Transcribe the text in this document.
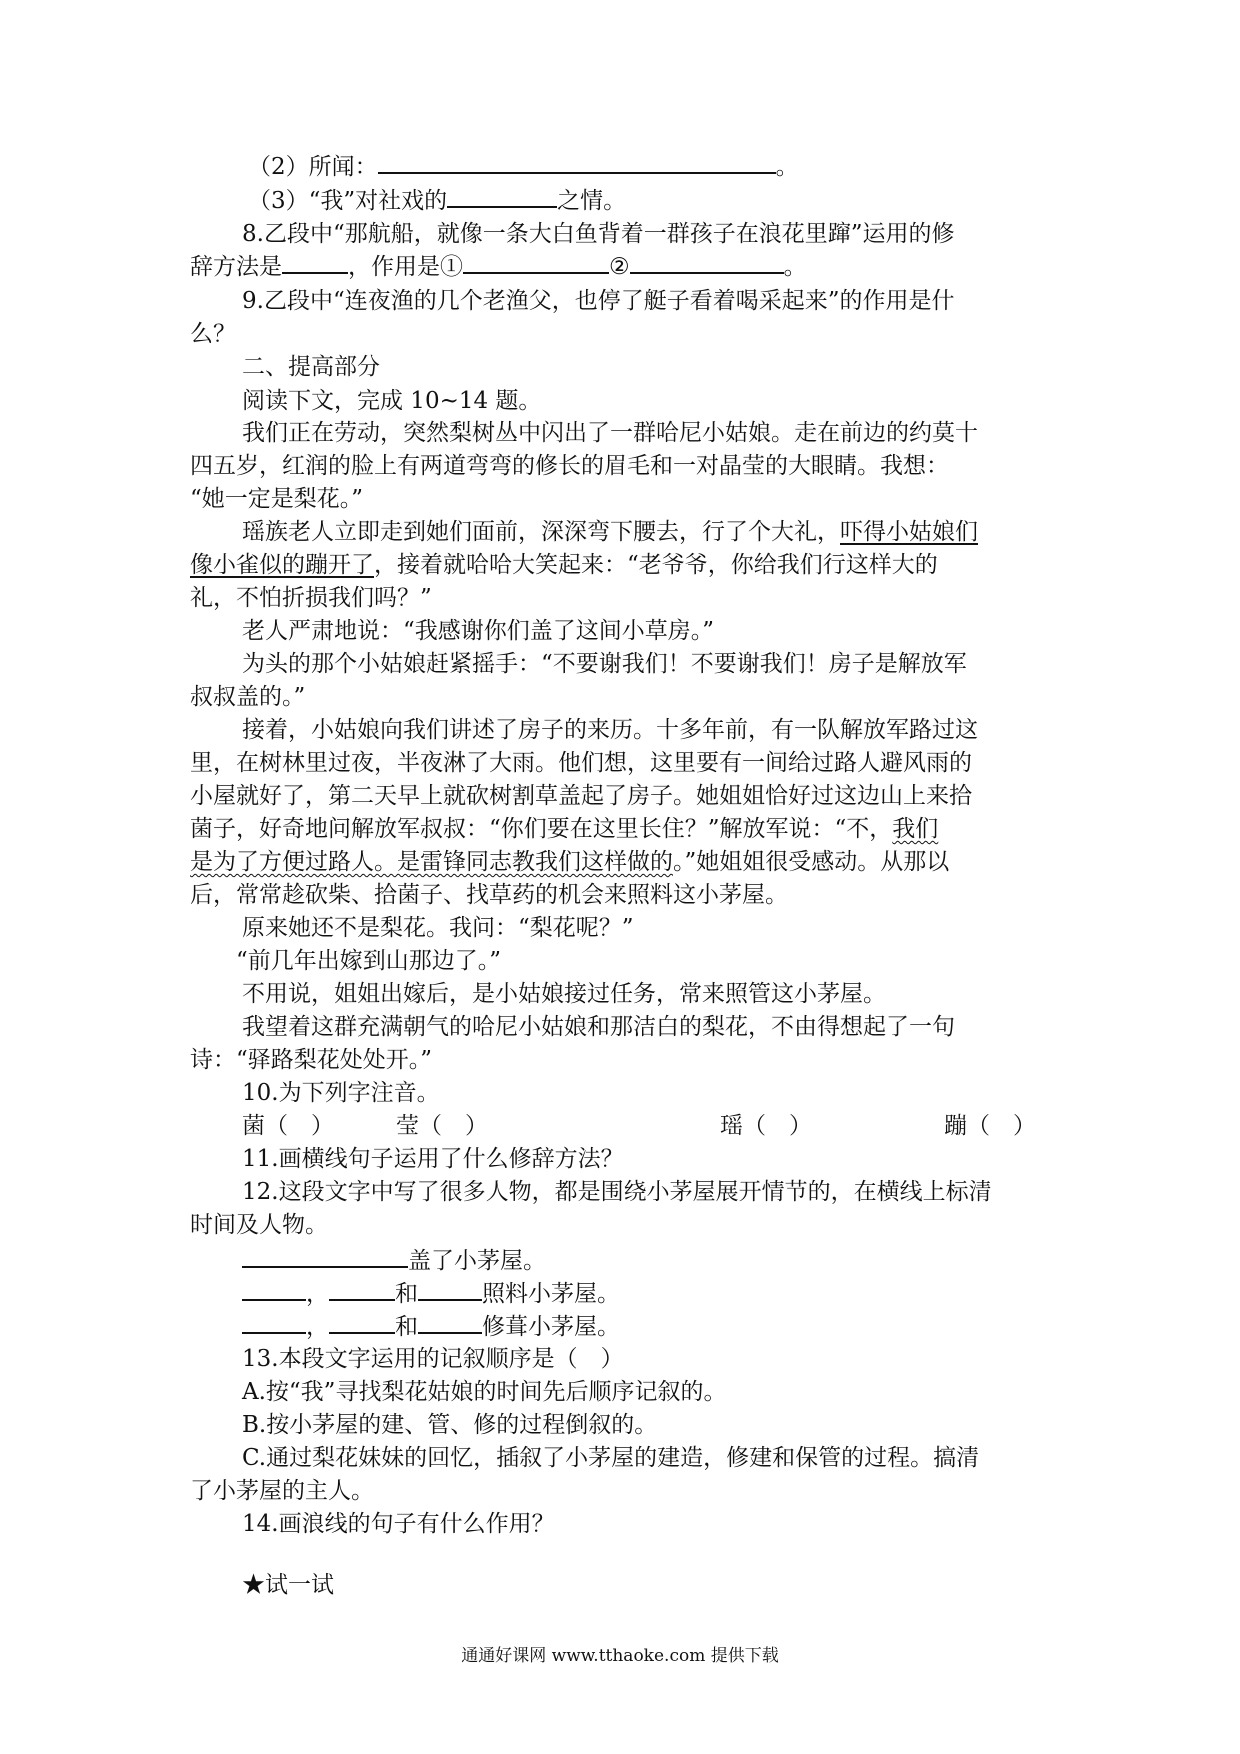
（2）所闻：	。
（3）“我”对社戏的	之情。
8.乙段中“那航船，就像一条大白鱼背着一群孩子在浪花里蹿”运用的修
辞方法是	，作用是①	②	。
9.乙段中“连夜渔的几个老渔父，也停了艇子看着喝采起来”的作用是什
么？
二、提高部分
阅读下文，完成 10~14 题。
我们正在劳动，突然梨树丛中闪出了一群哈尼小姑娘。走在前边的约莫十
四五岁，红润的脸上有两道弯弯的修长的眉毛和一对晶莹的大眼睛。我想：
“她一定是梨花。”
瑶族老人立即走到她们面前，深深弯下腰去，行了个大礼，吓得小姑娘们
像小雀似的蹦开了，接着就哈哈大笑起来：“老爷爷，你给我们行这样大的
礼，不怕折损我们吗？”
老人严肃地说：“我感谢你们盖了这间小草房。”
为头的那个小姑娘赶紧摇手：“不要谢我们！不要谢我们！房子是解放军
叔叔盖的。”
接着，小姑娘向我们讲述了房子的来历。十多年前，有一队解放军路过这
里，在树林里过夜，半夜淋了大雨。他们想，这里要有一间给过路人避风雨的
小屋就好了，第二天早上就砍树割草盖起了房子。她姐姐恰好过这边山上来拾
菌子，好奇地问解放军叔叔：“你们要在这里长住？”解放军说：“不，我们
是为了方便过路人。是雷锋同志教我们这样做的。”她姐姐很受感动。从那以
后，常常趁砍柴、拾菌子、找草药的机会来照料这小茅屋。
原来她还不是梨花。我问：“梨花呢？”
“前几年出嫁到山那边了。”
不用说，姐姐出嫁后，是小姑娘接过任务，常来照管这小茅屋。
我望着这群充满朝气的哈尼小姑娘和那洁白的梨花，不由得想起了一句
诗：“驿路梨花处处开。”
10.为下列字注音。
菌（　）	莹（　）	瑶（　）	蹦（　）
11.画横线句子运用了什么修辞方法？
12.这段文字中写了很多人物，都是围绕小茅屋展开情节的，在横线上标清
时间及人物。
盖了小茅屋。
，	和	照料小茅屋。
，	和	修葺小茅屋。
13.本段文字运用的记叙顺序是（　）
A.按“我”寻找梨花姑娘的时间先后顺序记叙的。
B.按小茅屋的建、管、修的过程倒叙的。
C.通过梨花妹妹的回忆，插叙了小茅屋的建造，修建和保管的过程。搞清
了小茅屋的主人。
14.画浪线的句子有什么作用？
★试一试
通通好课网 www.tthaoke.com 提供下载
